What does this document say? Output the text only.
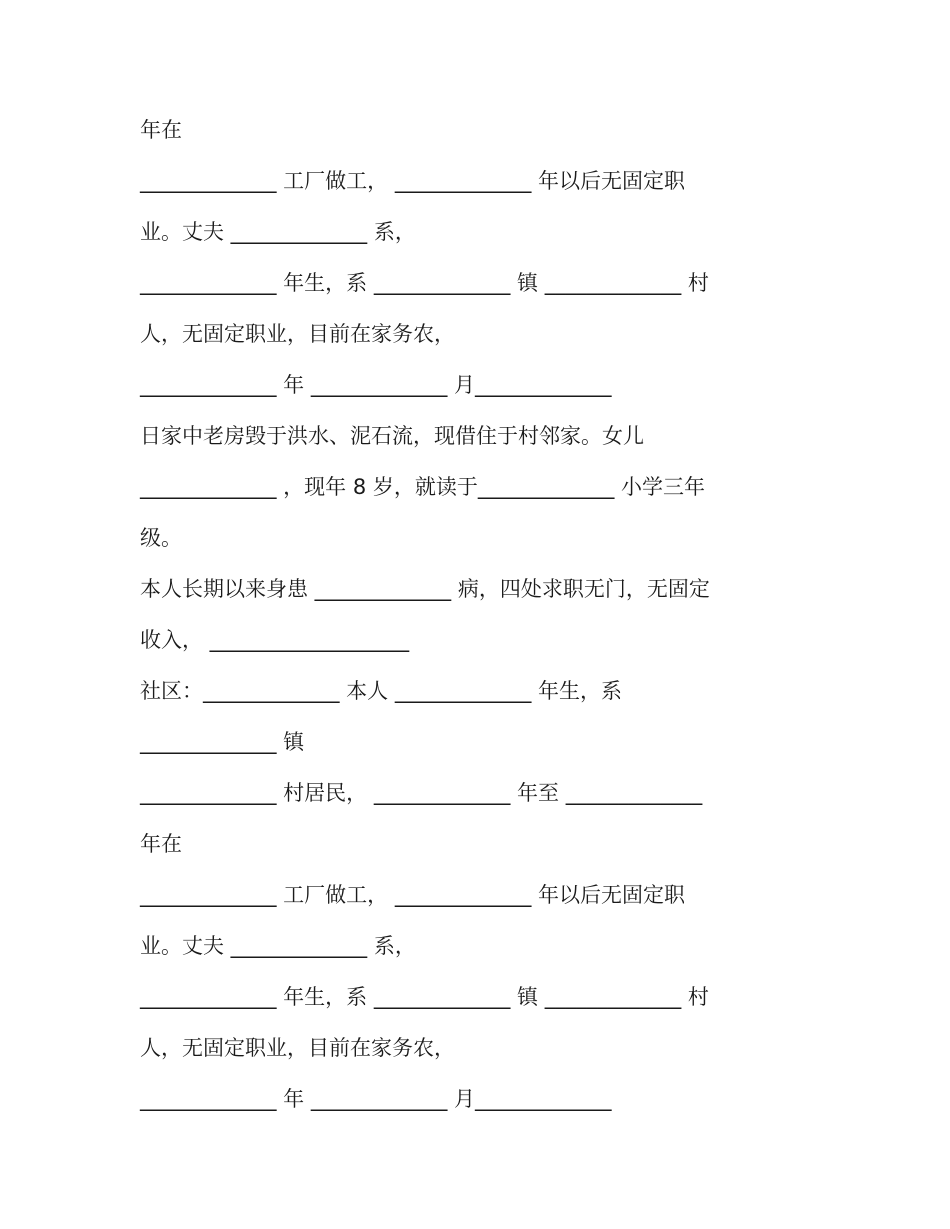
年在
_____________ 工厂做工， _____________ 年以后无固定职
业。丈夫 _____________ 系，
_____________ 年生，系 _____________ 镇 _____________ 村
人，无固定职业，目前在家务农，
_____________ 年 _____________ 月_____________
日家中老房毁于洪水、泥石流，现借住于村邻家。女儿
_____________ ，现年 8 岁，就读于_____________ 小学三年
级。
本人长期以来身患 _____________ 病，四处求职无门，无固定
收入， ___________________
社区：_____________ 本人 _____________ 年生，系
_____________ 镇
_____________ 村居民， _____________ 年至 _____________
年在
_____________ 工厂做工， _____________ 年以后无固定职
业。丈夫 _____________ 系，
_____________ 年生，系 _____________ 镇 _____________ 村
人，无固定职业，目前在家务农，
_____________ 年 _____________ 月_____________
